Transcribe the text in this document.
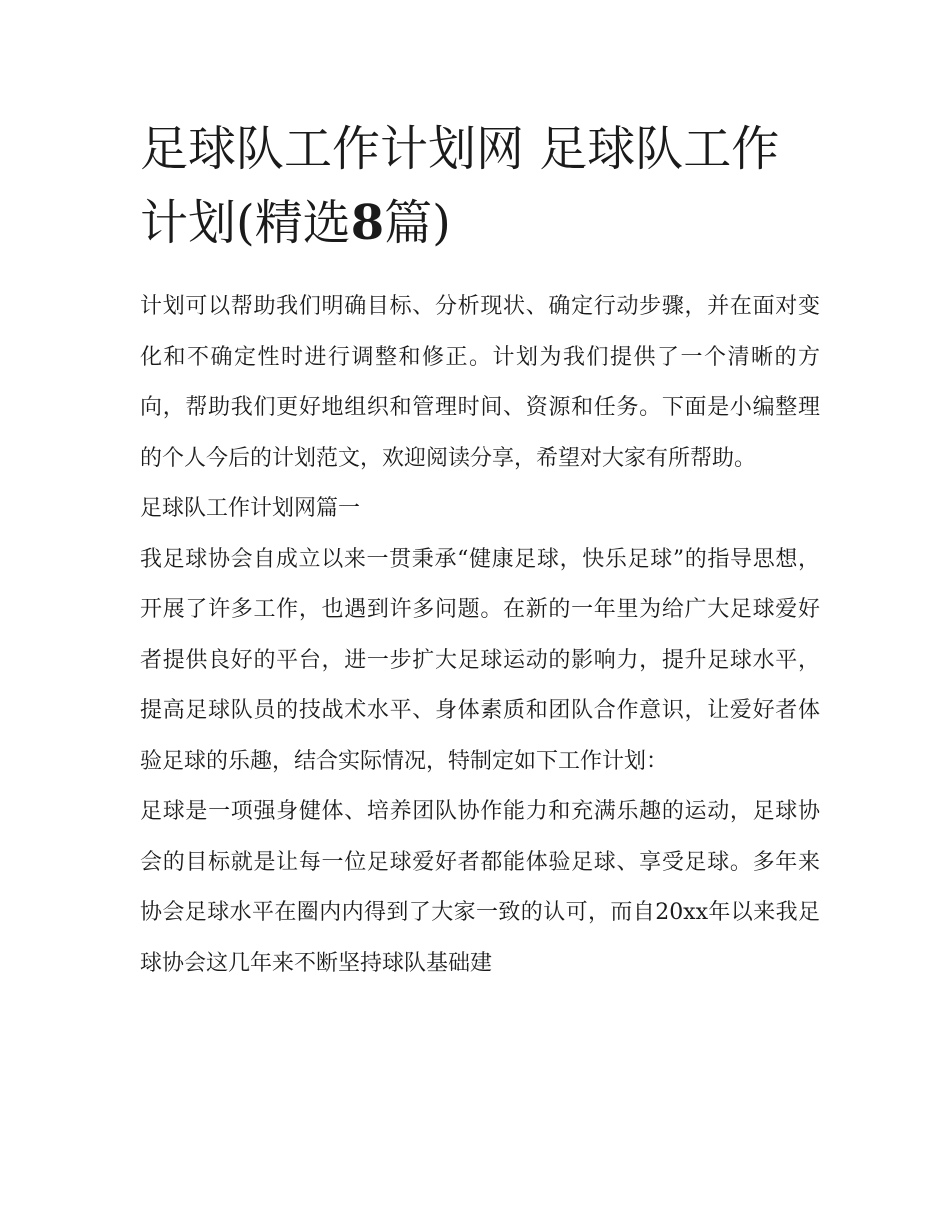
足球队工作计划网 足球队工作计划(精选8篇)

计划可以帮助我们明确目标、分析现状、确定行动步骤，并在面对变化和不确定性时进行调整和修正。计划为我们提供了一个清晰的方向，帮助我们更好地组织和管理时间、资源和任务。下面是小编整理的个人今后的计划范文，欢迎阅读分享，希望对大家有所帮助。

足球队工作计划网篇一

我足球协会自成立以来一贯秉承“健康足球，快乐足球”的指导思想，开展了许多工作，也遇到许多问题。在新的一年里为给广大足球爱好者提供良好的平台，进一步扩大足球运动的影响力，提升足球水平，提高足球队员的技战术水平、身体素质和团队合作意识，让爱好者体验足球的乐趣，结合实际情况，特制定如下工作计划：

足球是一项强身健体、培养团队协作能力和充满乐趣的运动，足球协会的目标就是让每一位足球爱好者都能体验足球、享受足球。多年来协会足球水平在圈内内得到了大家一致的认可，而自20xx年以来我足球协会这几年来不断坚持球队基础建
